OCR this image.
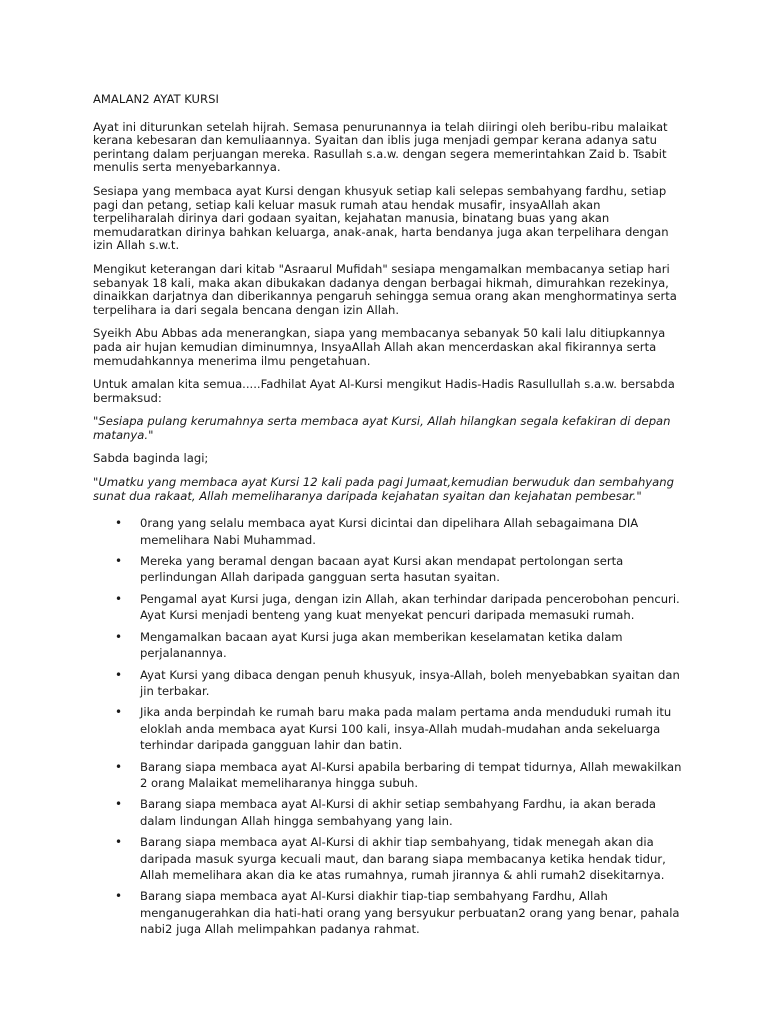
AMALAN2 AYAT KURSI

Ayat ini diturunkan setelah hijrah. Semasa penurunannya ia telah diiringi oleh beribu-ribu malaikat kerana kebesaran dan kemuliaannya. Syaitan dan iblis juga menjadi gempar kerana adanya satu perintang dalam perjuangan mereka. Rasullah s.a.w. dengan segera memerintahkan Zaid b. Tsabit menulis serta menyebarkannya.

Sesiapa yang membaca ayat Kursi dengan khusyuk setiap kali selepas sembahyang fardhu, setiap pagi dan petang, setiap kali keluar masuk rumah atau hendak musafir, insyaAllah akan terpeliharalah dirinya dari godaan syaitan, kejahatan manusia, binatang buas yang akan memudaratkan dirinya bahkan keluarga, anak-anak, harta bendanya juga akan terpelihara dengan izin Allah s.w.t.

Mengikut keterangan dari kitab "Asraarul Mufidah" sesiapa mengamalkan membacanya setiap hari sebanyak 18 kali, maka akan dibukakan dadanya dengan berbagai hikmah, dimurahkan rezekinya, dinaikkan darjatnya dan diberikannya pengaruh sehingga semua orang akan menghormatinya serta terpelihara ia dari segala bencana dengan izin Allah.

Syeikh Abu Abbas ada menerangkan, siapa yang membacanya sebanyak 50 kali lalu ditiupkannya pada air hujan kemudian diminumnya, InsyaAllah Allah akan mencerdaskan akal fikirannya serta memudahkannya menerima ilmu pengetahuan.

Untuk amalan kita semua.....Fadhilat Ayat Al-Kursi mengikut Hadis-Hadis Rasullullah s.a.w. bersabda bermaksud:

"Sesiapa pulang kerumahnya serta membaca ayat Kursi, Allah hilangkan segala kefakiran di depan matanya."

Sabda baginda lagi;

"Umatku yang membaca ayat Kursi 12 kali pada pagi Jumaat,kemudian berwuduk dan sembahyang sunat dua rakaat, Allah memeliharanya daripada kejahatan syaitan dan kejahatan pembesar."

• 0rang yang selalu membaca ayat Kursi dicintai dan dipelihara Allah sebagaimana DIA memelihara Nabi Muhammad.
• Mereka yang beramal dengan bacaan ayat Kursi akan mendapat pertolongan serta perlindungan Allah daripada gangguan serta hasutan syaitan.
• Pengamal ayat Kursi juga, dengan izin Allah, akan terhindar daripada pencerobohan pencuri. Ayat Kursi menjadi benteng yang kuat menyekat pencuri daripada memasuki rumah.
• Mengamalkan bacaan ayat Kursi juga akan memberikan keselamatan ketika dalam perjalanannya.
• Ayat Kursi yang dibaca dengan penuh khusyuk, insya-Allah, boleh menyebabkan syaitan dan jin terbakar.
• Jika anda berpindah ke rumah baru maka pada malam pertama anda menduduki rumah itu eloklah anda membaca ayat Kursi 100 kali, insya-Allah mudah-mudahan anda sekeluarga terhindar daripada gangguan lahir dan batin.
• Barang siapa membaca ayat Al-Kursi apabila berbaring di tempat tidurnya, Allah mewakilkan 2 orang Malaikat memeliharanya hingga subuh.
• Barang siapa membaca ayat Al-Kursi di akhir setiap sembahyang Fardhu, ia akan berada dalam lindungan Allah hingga sembahyang yang lain.
• Barang siapa membaca ayat Al-Kursi di akhir tiap sembahyang, tidak menegah akan dia daripada masuk syurga kecuali maut, dan barang siapa membacanya ketika hendak tidur, Allah memelihara akan dia ke atas rumahnya, rumah jirannya & ahli rumah2 disekitarnya.
• Barang siapa membaca ayat Al-Kursi diakhir tiap-tiap sembahyang Fardhu, Allah menganugerahkan dia hati-hati orang yang bersyukur perbuatan2 orang yang benar, pahala nabi2 juga Allah melimpahkan padanya rahmat.
